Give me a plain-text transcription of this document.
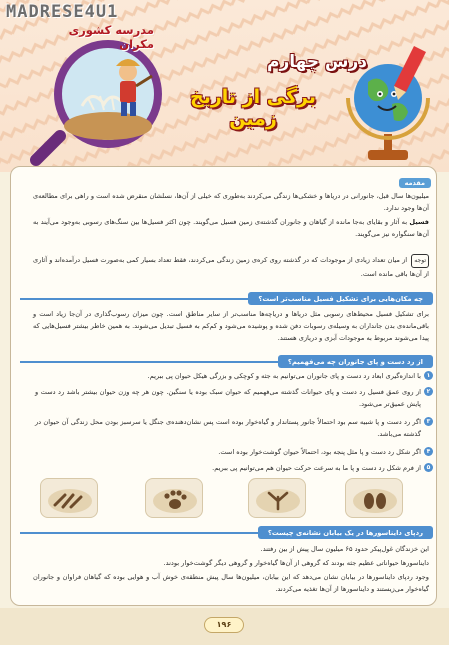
درس چهارم
برگی از تاریخ زمین
MADRESE4U1
مدرسه کشوری مکران
مقدمه
میلیون‌ها سال قبل، جانورانی در دریاها و خشکی‌ها زندگی می‌کردند به‌طوری که خیلی از آن‌ها، نسلشان منقرض شده است و راهی برای مطالعه‌ی آن‌ها وجود ندارد.
فسیل به آثار و بقایای به‌جا مانده از گیاهان و جانوران گذشته‌ی زمین فسیل می‌گویند. چون اکثر فسیل‌ها بین سنگ‌های رسوبی به‌وجود می‌آیند به آن‌ها سنگواره نیز می‌گویند.
توجه از میان تعداد زیادی از موجودات که در گذشته روی کره‌ی زمین زندگی می‌کردند، فقط تعداد بسیار کمی به‌صورت فسیل درآمده‌اند و آثاری از آن‌ها باقی مانده است.
چه مکان‌هایی برای تشکیل فسیل مناسب‌تر است؟
برای تشکیل فسیل محیط‌های رسوبی مثل دریاها و دریاچه‌ها مناسب‌تر از سایر مناطق است. چون میزان رسوب‌گذاری در آن‌جا زیاد است و باقی‌مانده‌ی بدن جانداران به وسیله‌ی رسوبات دفن شده و پوشیده می‌شود و کم‌کم به فسیل تبدیل می‌شوند. به همین خاطر بیشتر فسیل‌هایی که پیدا می‌شوند مربوط به موجودات آبزی و دریازی هستند.
از رد دست و پای جانوران چه می‌فهمیم؟
۱
با اندازه‌گیری ابعاد رد دست و پای جانوران می‌توانیم به جثه و کوچکی و بزرگی هیکل حیوان پی ببریم.
۲
از روی عمق فسیل رد دست و پای حیوانات گذشته می‌فهمیم که حیوان سبک بوده یا سنگین. چون هر چه وزن حیوان بیشتر باشد رد دست و پایش عمیق‌تر می‌شود.
۳
اگر رد دست و پا شبیه سم بود احتمالاً جانور پستاندار و گیاه‌خوار بوده است پس نشان‌دهنده‌ی جنگل یا سرسبز بودن محل زندگی آن حیوان در گذشته می‌باشد.
۴
اگر شکل رد دست و پا مثل پنجه بود، احتمالاً حیوان گوشت‌خوار بوده است.
۵
از فرم شکل رد دست و پا ما به سرعت حرکت حیوان هم می‌توانیم پی ببریم.
ردپای دایناسورها در یک بیابان نشانه‌ی چیست؟
این خزندگان غول‌پیکر حدود ۶۵ میلیون سال پیش از بین رفتند.
دایناسورها حیواناتی عظیم‌ جثه بودند که گروهی از آن‌ها گیاه‌خوار و گروهی دیگر گوشت‌خوار بودند.
وجود ردپای دایناسورها در بیابان نشان می‌دهد که این بیابان، میلیون‌ها سال پیش منطقه‌ی خوش آب و هوایی بوده که گیاهان فراوان و جانوران گیاه‌خوار می‌زیستند و دایناسورها از آن‌ها تغذیه می‌کردند.
۱۹۶
